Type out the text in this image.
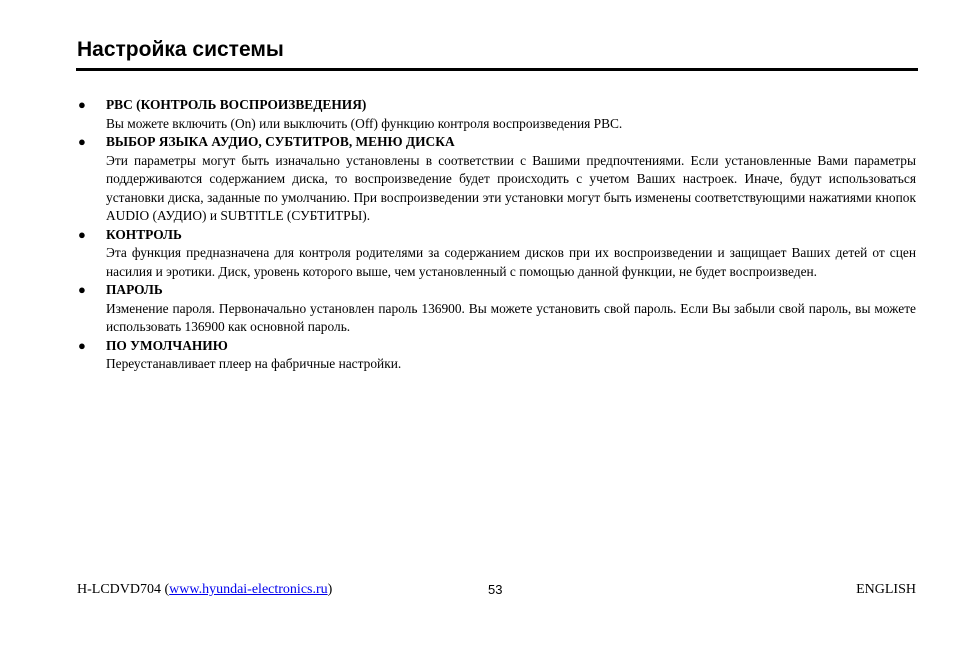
Настройка системы
● PBC (КОНТРОЛЬ ВОСПРОИЗВЕДЕНИЯ)
Вы можете включить (On) или выключить (Off) функцию контроля воспроизведения PBC.
● ВЫБОР ЯЗЫКА АУДИО, СУБТИТРОВ, МЕНЮ ДИСКА
Эти параметры могут быть изначально установлены в соответствии с Вашими предпочтениями. Если установленные Вами параметры поддерживаются содержанием диска, то воспроизведение будет происходить с учетом Ваших настроек. Иначе, будут использоваться установки диска, заданные по умолчанию. При воспроизведении эти установки могут быть изменены соответствующими нажатиями кнопок AUDIO (АУДИО) и SUBTITLE (СУБТИТРЫ).
● КОНТРОЛЬ
Эта функция предназначена для контроля родителями за содержанием дисков при их воспроизведении и защищает Ваших детей от сцен насилия и эротики. Диск, уровень которого выше, чем установленный с помощью данной функции, не будет воспроизведен.
● ПАРОЛЬ
Изменение пароля. Первоначально установлен пароль 136900. Вы можете установить свой пароль. Если Вы забыли свой пароль, вы можете использовать 136900 как основной пароль.
● ПО УМОЛЧАНИЮ
Переустанавливает плеер на фабричные настройки.
H-LCDVD704 (www.hyundai-electronics.ru)	53	ENGLISH
